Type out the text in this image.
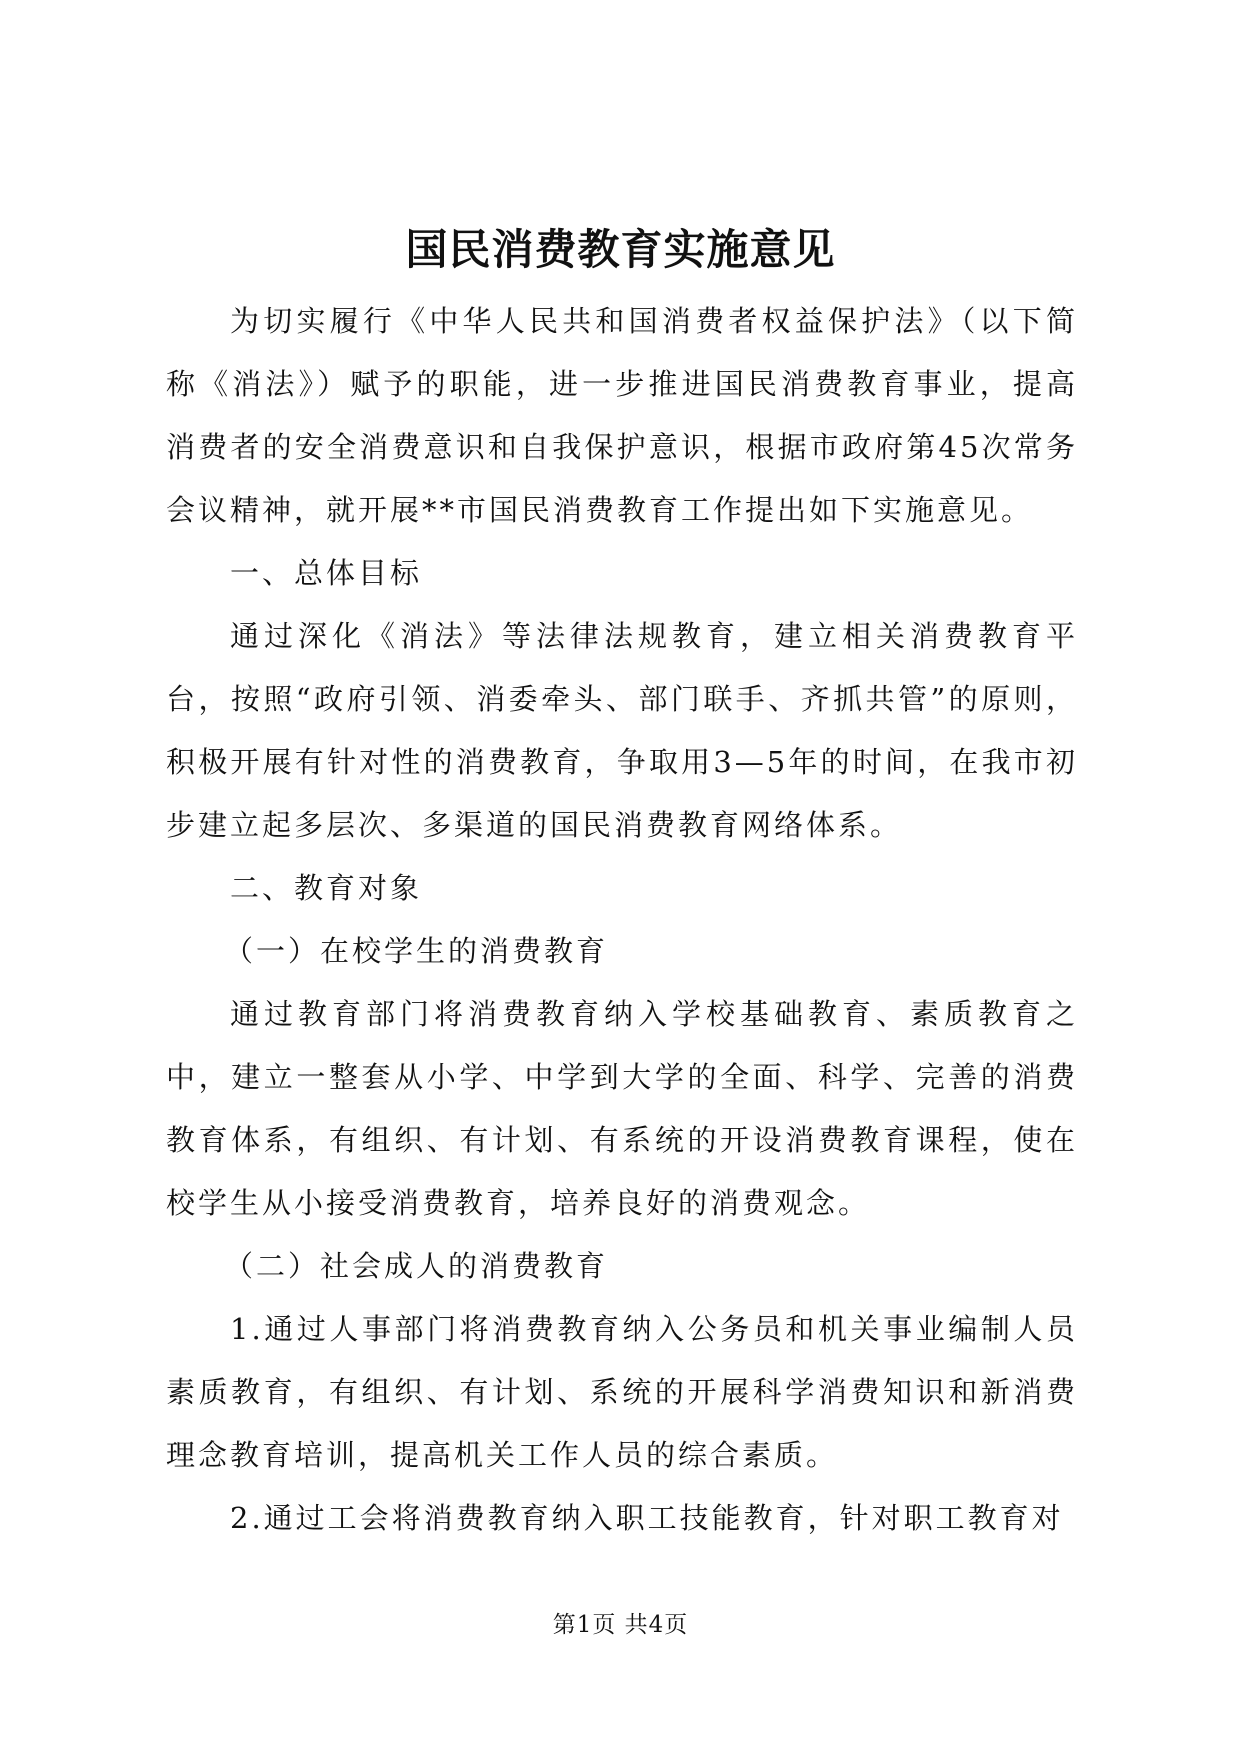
国民消费教育实施意见

为切实履行《中华人民共和国消费者权益保护法》（以下简称《消法》）赋予的职能，进一步推进国民消费教育事业，提高消费者的安全消费意识和自我保护意识，根据市政府第45次常务会议精神，就开展**市国民消费教育工作提出如下实施意见。

一、总体目标

通过深化《消法》等法律法规教育，建立相关消费教育平台，按照“政府引领、消委牵头、部门联手、齐抓共管”的原则，积极开展有针对性的消费教育，争取用3—5年的时间，在我市初步建立起多层次、多渠道的国民消费教育网络体系。

二、教育对象

（一）在校学生的消费教育

通过教育部门将消费教育纳入学校基础教育、素质教育之中，建立一整套从小学、中学到大学的全面、科学、完善的消费教育体系，有组织、有计划、有系统的开设消费教育课程，使在校学生从小接受消费教育，培养良好的消费观念。

（二）社会成人的消费教育

1.通过人事部门将消费教育纳入公务员和机关事业编制人员素质教育，有组织、有计划、系统的开展科学消费知识和新消费理念教育培训，提高机关工作人员的综合素质。

2.通过工会将消费教育纳入职工技能教育，针对职工教育对

第1页 共4页
